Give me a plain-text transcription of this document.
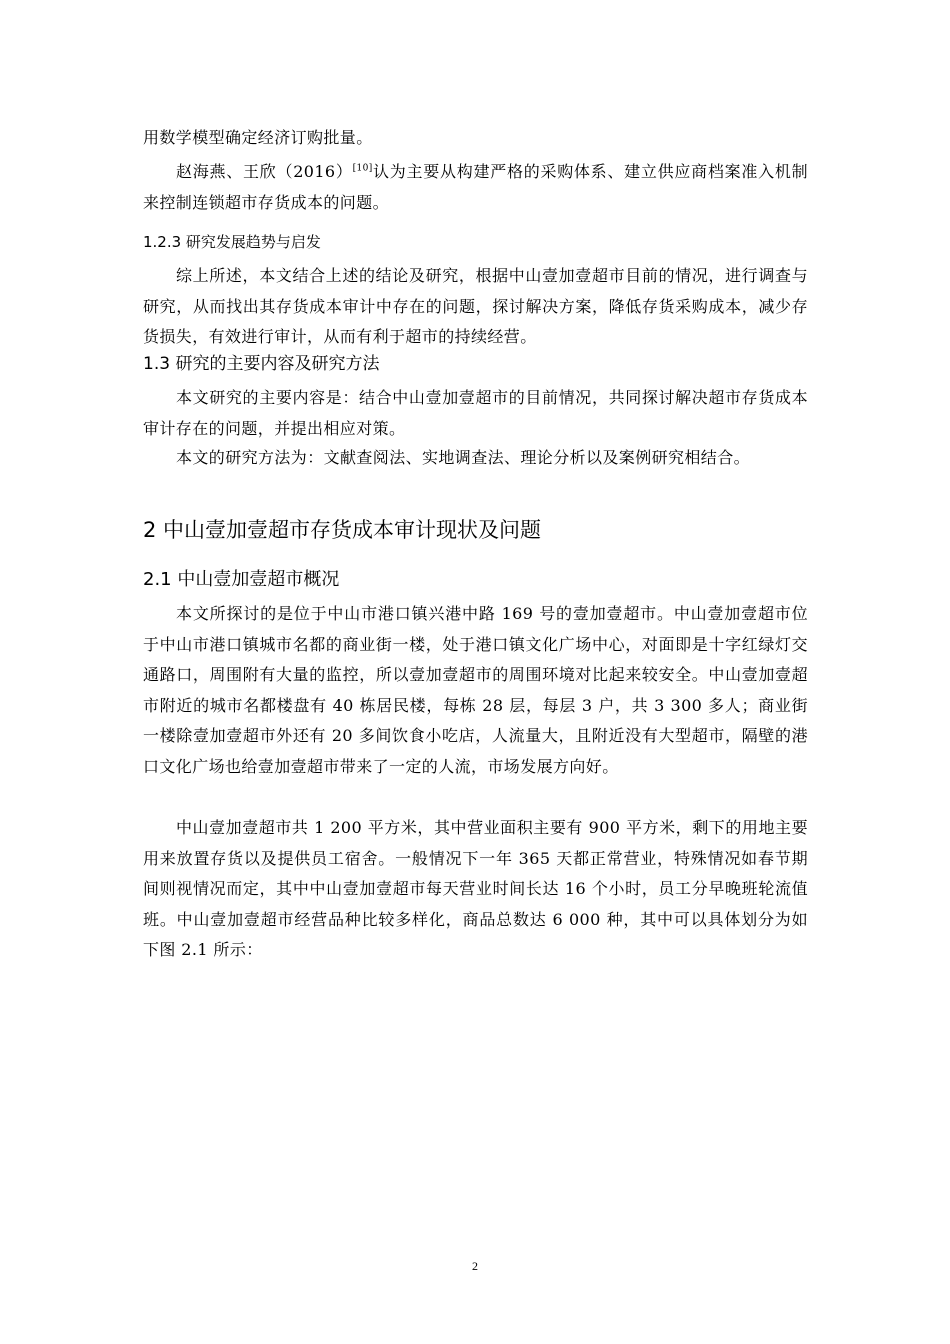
用数学模型确定经济订购批量。

赵海燕、王欣（2016）[10]认为主要从构建严格的采购体系、建立供应商档案准入机制来控制连锁超市存货成本的问题。

1.2.3 研究发展趋势与启发

综上所述，本文结合上述的结论及研究，根据中山壹加壹超市目前的情况，进行调查与研究，从而找出其存货成本审计中存在的问题，探讨解决方案，降低存货采购成本，减少存货损失，有效进行审计，从而有利于超市的持续经营。

1.3 研究的主要内容及研究方法

本文研究的主要内容是：结合中山壹加壹超市的目前情况，共同探讨解决超市存货成本审计存在的问题，并提出相应对策。

本文的研究方法为：文献查阅法、实地调查法、理论分析以及案例研究相结合。

2 中山壹加壹超市存货成本审计现状及问题

2.1 中山壹加壹超市概况

本文所探讨的是位于中山市港口镇兴港中路 169 号的壹加壹超市。中山壹加壹超市位于中山市港口镇城市名都的商业街一楼，处于港口镇文化广场中心，对面即是十字红绿灯交通路口，周围附有大量的监控，所以壹加壹超市的周围环境对比起来较安全。中山壹加壹超市附近的城市名都楼盘有 40 栋居民楼，每栋 28 层，每层 3 户，共 3 300 多人；商业街一楼除壹加壹超市外还有 20 多间饮食小吃店，人流量大，且附近没有大型超市，隔壁的港口文化广场也给壹加壹超市带来了一定的人流，市场发展方向好。

中山壹加壹超市共 1 200 平方米，其中营业面积主要有 900 平方米，剩下的用地主要用来放置存货以及提供员工宿舍。一般情况下一年 365 天都正常营业，特殊情况如春节期间则视情况而定，其中中山壹加壹超市每天营业时间长达 16 个小时，员工分早晚班轮流值班。中山壹加壹超市经营品种比较多样化，商品总数达 6 000 种，其中可以具体划分为如下图 2.1 所示：

2
